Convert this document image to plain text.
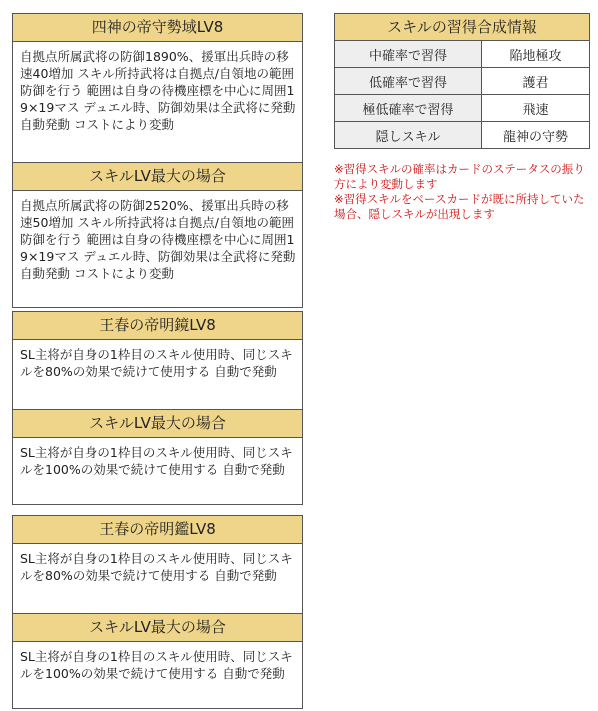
四神の帝守勢域LV8
自拠点所属武将の防御1890%、援軍出兵時の移速40増加 スキル所持武将は自拠点/自領地の範囲防御を行う 範囲は自身の待機座標を中心に周囲19×19マス デュエル時、防御効果は全武将に発動 自動発動 コストにより変動
スキルLV最大の場合
自拠点所属武将の防御2520%、援軍出兵時の移速50増加 スキル所持武将は自拠点/自領地の範囲防御を行う 範囲は自身の待機座標を中心に周囲19×19マス デュエル時、防御効果は全武将に発動 自動発動 コストにより変動
王春の帝明鏡LV8
SL主将が自身の1枠目のスキル使用時、同じスキルを80%の効果で続けて使用する 自動で発動
スキルLV最大の場合
SL主将が自身の1枠目のスキル使用時、同じスキルを100%の効果で続けて使用する 自動で発動
王春の帝明鑑LV8
SL主将が自身の1枠目のスキル使用時、同じスキルを80%の効果で続けて使用する 自動で発動
スキルLV最大の場合
SL主将が自身の1枠目のスキル使用時、同じスキルを100%の効果で続けて使用する 自動で発動
スキルの習得合成情報
中確率で習得	陥地極攻
低確率で習得	護君
極低確率で習得	飛速
隠しスキル	龍神の守勢

※習得スキルの確率はカードのステータスの振り方により変動します

※習得スキルをベースカードが既に所持していた場合、隠しスキルが出現します
